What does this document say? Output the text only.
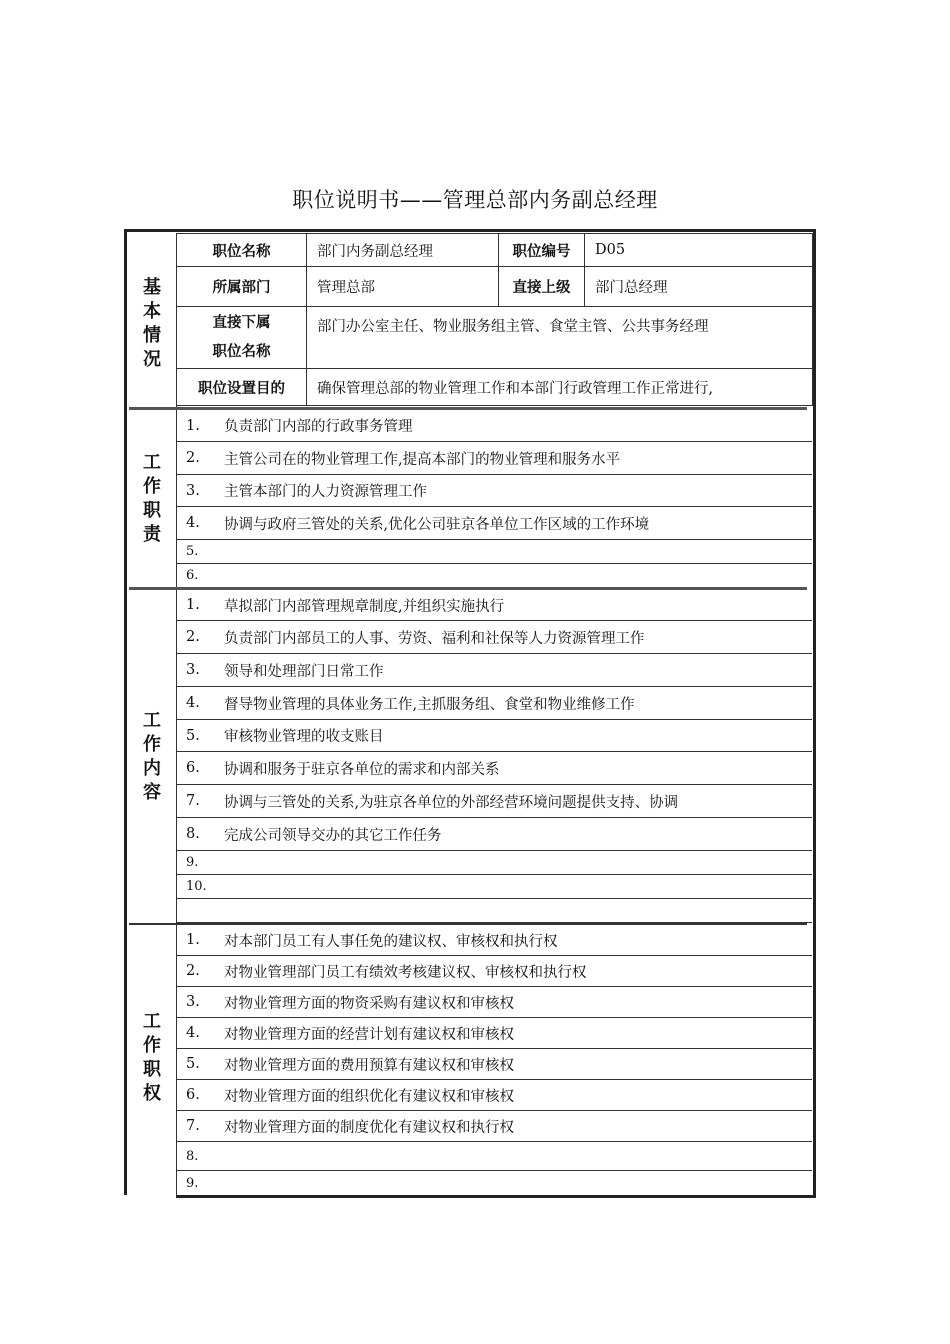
职位说明书——管理总部内务副总经理
基
本
情
况
职位名称	部门内务副总经理	职位编号	D05
所属部门	管理总部	直接上级	部门总经理

直接下属
职位名称	部门办公室主任、物业服务组主管、食堂主管、公共事务经理		
职位设置目的	确保管理总部的物业管理工作和本部门行政管理工作正常进行,		
工
作
职
责
1.	负责部门内部的行政事务管理
2.	主管公司在的物业管理工作,提高本部门的物业管理和服务水平
3.	主管本部门的人力资源管理工作
4.	协调与政府三管处的关系,优化公司驻京各单位工作区域的工作环境
5.
6.
工
作
内
容
1.	草拟部门内部管理规章制度,并组织实施执行
2.	负责部门内部员工的人事、劳资、福利和社保等人力资源管理工作
3.	领导和处理部门日常工作
4.	督导物业管理的具体业务工作,主抓服务组、食堂和物业维修工作
5.	审核物业管理的收支账目
6.	协调和服务于驻京各单位的需求和内部关系
7.	协调与三管处的关系,为驻京各单位的外部经营环境问题提供支持、协调
8.	完成公司领导交办的其它工作任务
9.
10.
工
作
职
权
1.	对本部门员工有人事任免的建议权、审核权和执行权
2.	对物业管理部门员工有绩效考核建议权、审核权和执行权
3.	对物业管理方面的物资采购有建议权和审核权
4.	对物业管理方面的经营计划有建议权和审核权
5.	对物业管理方面的费用预算有建议权和审核权
6.	对物业管理方面的组织优化有建议权和审核权
7.	对物业管理方面的制度优化有建议权和执行权
8.
9.
